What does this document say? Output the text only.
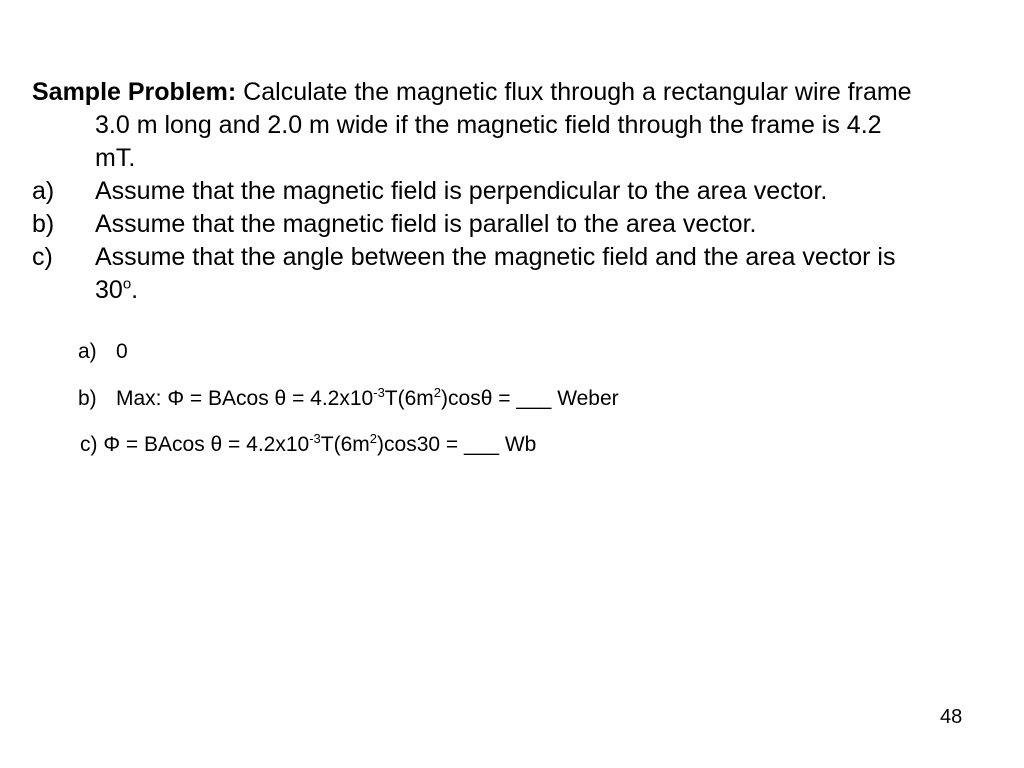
Sample Problem: Calculate the magnetic flux through a rectangular wire frame
3.0 m long and 2.0 m wide if the magnetic field through the frame is 4.2
mT.
a) Assume that the magnetic field is perpendicular to the area vector.
b) Assume that the magnetic field is parallel to the area vector.
c) Assume that the angle between the magnetic field and the area vector is
30$^o$.
a) 0
b) Max: Φ = BAcos $\theta = 4.2x10^{-3}T(6m^2)\cos\theta$ = ___ Weber
c) Φ = BAcos $\theta = 4.2x10^{-3}T(6m^2)\cos 30$ = ___ Wb
48
